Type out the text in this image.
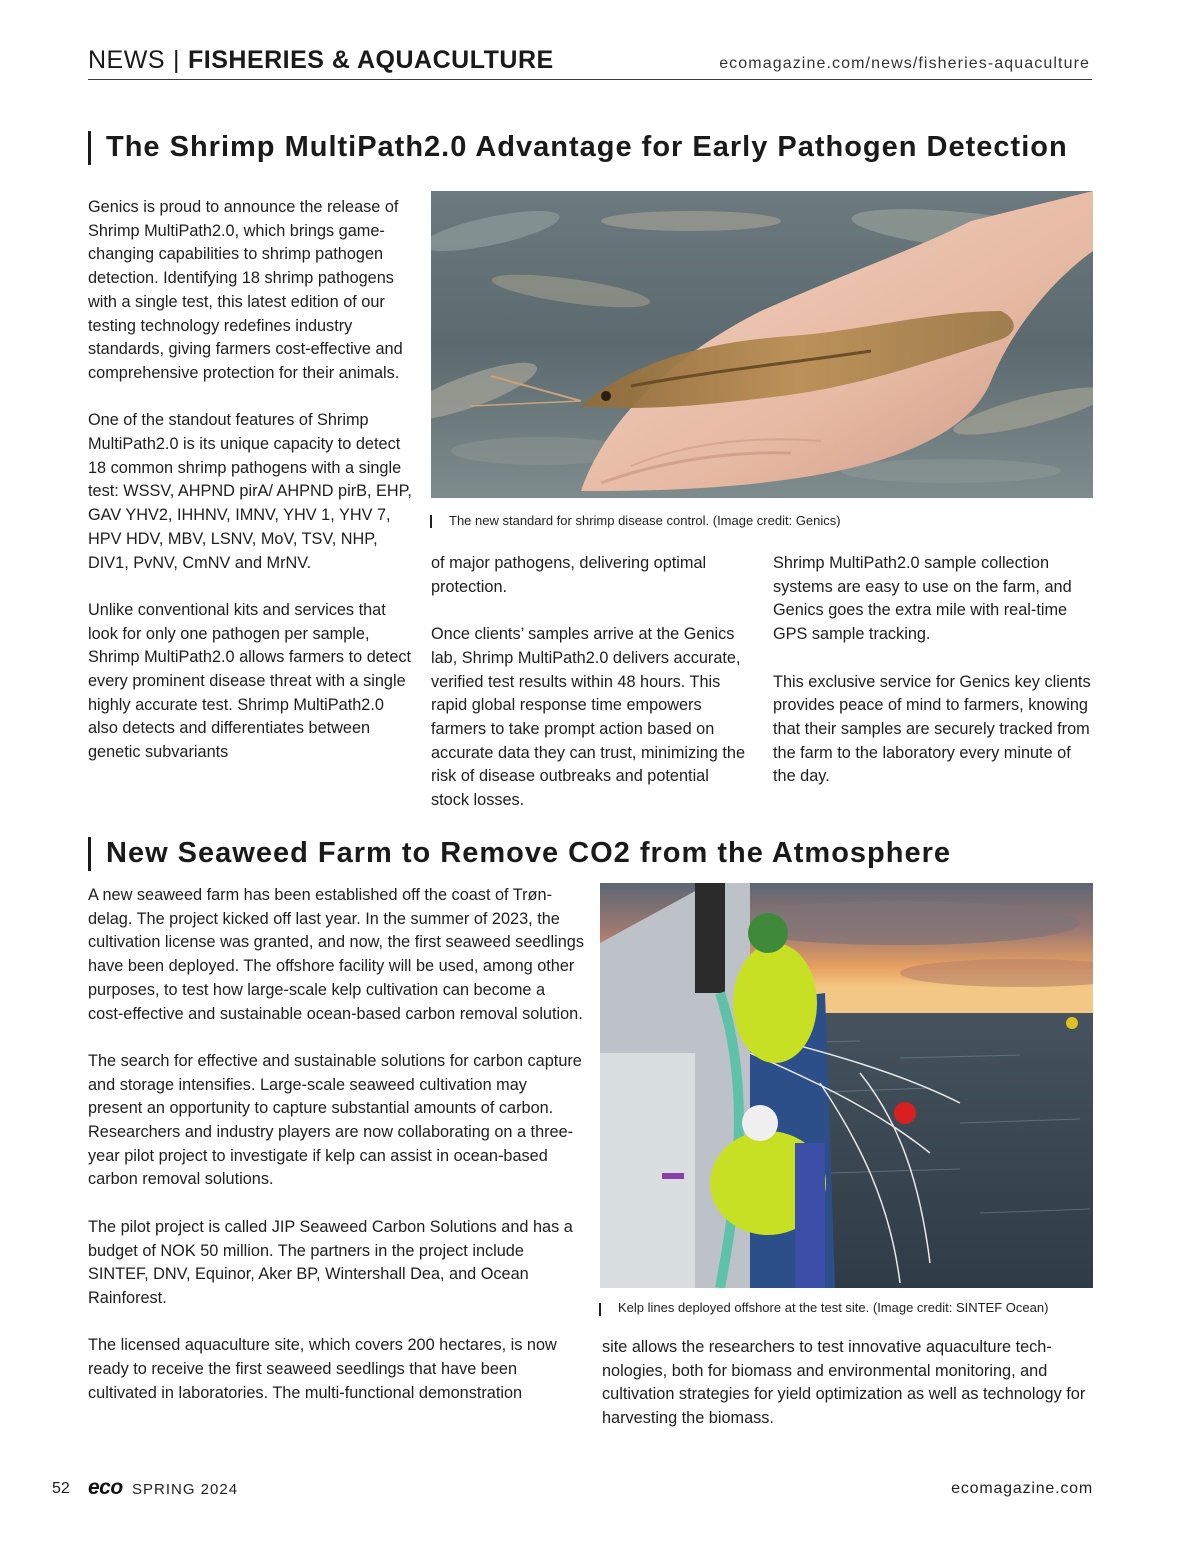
NEWS | FISHERIES & AQUACULTURE	ecomagazine.com/news/fisheries-aquaculture
The Shrimp MultiPath2.0 Advantage for Early Pathogen Detection
The new standard for shrimp disease control. (Image credit: Genics)

Genics is proud to announce the release of Shrimp MultiPath2.0, which brings game-changing capabilities to shrimp pathogen detection. Identifying 18 shrimp pathogens with a single test, this latest edition of our testing technology redefines industry standards, giving farmers cost-effective and comprehensive protection for their animals.

One of the standout features of Shrimp MultiPath2.0 is its unique capacity to detect 18 common shrimp pathogens with a single test: WSSV, AHPND pirA/ AHPND pirB, EHP, GAV YHV2, IHHNV, IMNV, YHV 1, YHV 7, HPV HDV, MBV, LSNV, MoV, TSV, NHP, DIV1, PvNV, CmNV and MrNV.

Unlike conventional kits and services that look for only one pathogen per sample, Shrimp MultiPath2.0 allows farmers to detect every prominent disease threat with a single highly accurate test. Shrimp MultiPath2.0 also detects and differentiates between genetic subvariants

of major pathogens, delivering optimal protection.

Once clients’ samples arrive at the Genics lab, Shrimp MultiPath2.0 delivers accurate, verified test results within 48 hours. This rapid global response time empowers farmers to take prompt action based on accurate data they can trust, minimizing the risk of disease outbreaks and potential stock losses.

Shrimp MultiPath2.0 sample collection systems are easy to use on the farm, and Genics goes the extra mile with real-time GPS sample tracking.

This exclusive service for Genics key clients provides peace of mind to farmers, knowing that their samples are securely tracked from the farm to the laboratory every minute of the day.

New Seaweed Farm to Remove CO2 from the Atmosphere

A new seaweed farm has been established off the coast of Trøndelag. The project kicked off last year. In the summer of 2023, the cultivation license was granted, and now, the first seaweed seedlings have been deployed. The offshore facility will be used, among other purposes, to test how large-scale kelp cultivation can become a cost-effective and sustainable ocean-based carbon removal solution.

The search for effective and sustainable solutions for carbon capture and storage intensifies. Large-scale seaweed cultivation may present an opportunity to capture substantial amounts of carbon. Researchers and industry players are now collaborating on a three-year pilot project to investigate if kelp can assist in ocean-based carbon removal solutions.

The pilot project is called JIP Seaweed Carbon Solutions and has a budget of NOK 50 million. The partners in the project include SINTEF, DNV, Equinor, Aker BP, Wintershall Dea, and Ocean Rainforest.

The licensed aquaculture site, which covers 200 hectares, is now ready to receive the first seaweed seedlings that have been cultivated in laboratories. The multi-functional demonstration

Kelp lines deployed offshore at the test site. (Image credit: SINTEF Ocean)

site allows the researchers to test innovative aquaculture technologies, both for biomass and environmental monitoring, and cultivation strategies for yield optimization as well as technology for harvesting the biomass.

52 eco SPRING 2024	ecomagazine.com
